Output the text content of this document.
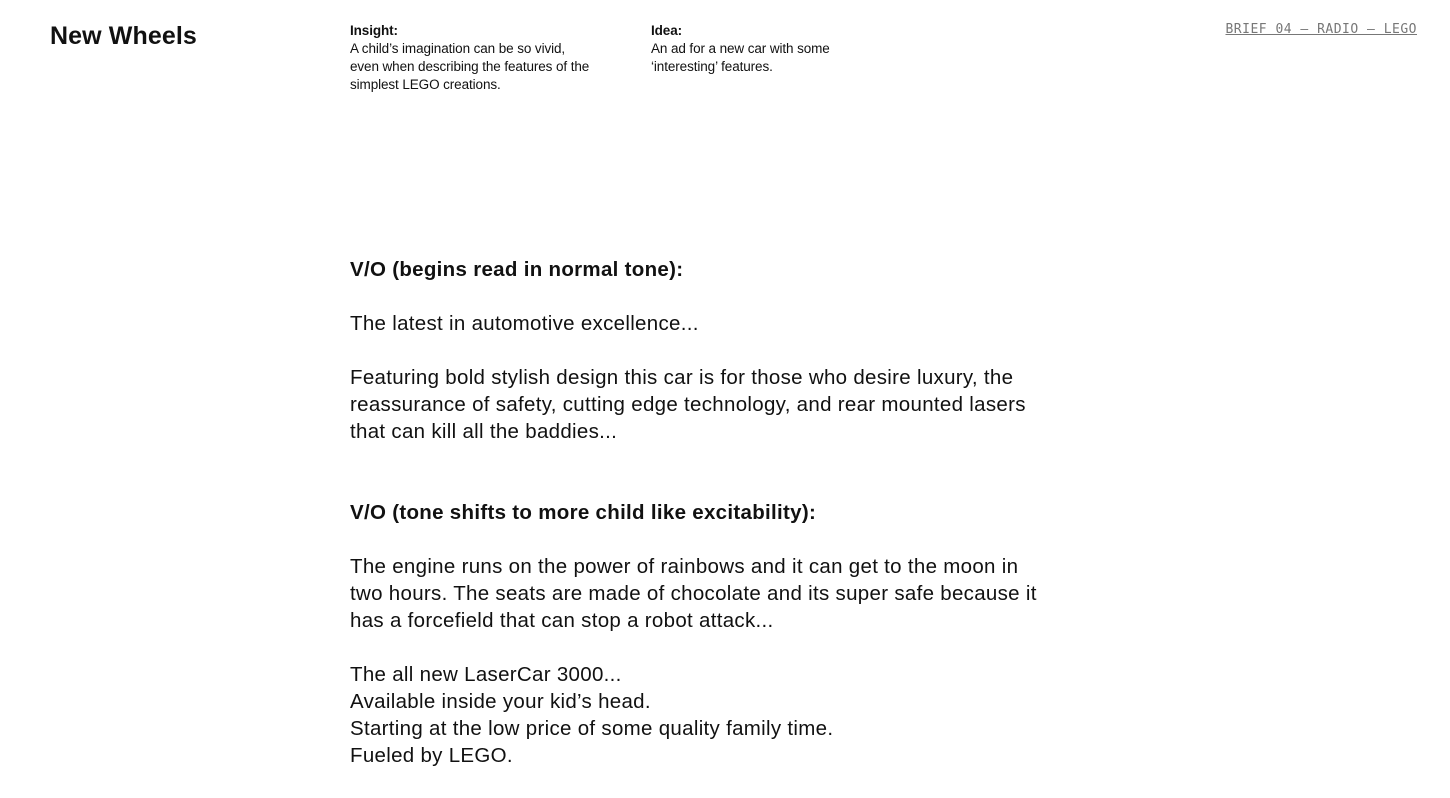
New Wheels	BRIEF 04 – RADIO – LEGO
Insight:
A child’s imagination can be so vivid,
even when describing the features of the
simplest LEGO creations.
Idea:
An ad for a new car with some
‘interesting’ features.

V/O (begins read in normal tone):

The latest in automotive excellence...

Featuring bold stylish design this car is for those who desire luxury, the
reassurance of safety, cutting edge technology, and rear mounted lasers
that can kill all the baddies...

V/O (tone shifts to more child like excitability):

The engine runs on the power of rainbows and it can get to the moon in
two hours. The seats are made of chocolate and its super safe because it
has a forcefield that can stop a robot attack...

The all new LaserCar 3000...
Available inside your kid’s head.
Starting at the low price of some quality family time.
Fueled by LEGO.
